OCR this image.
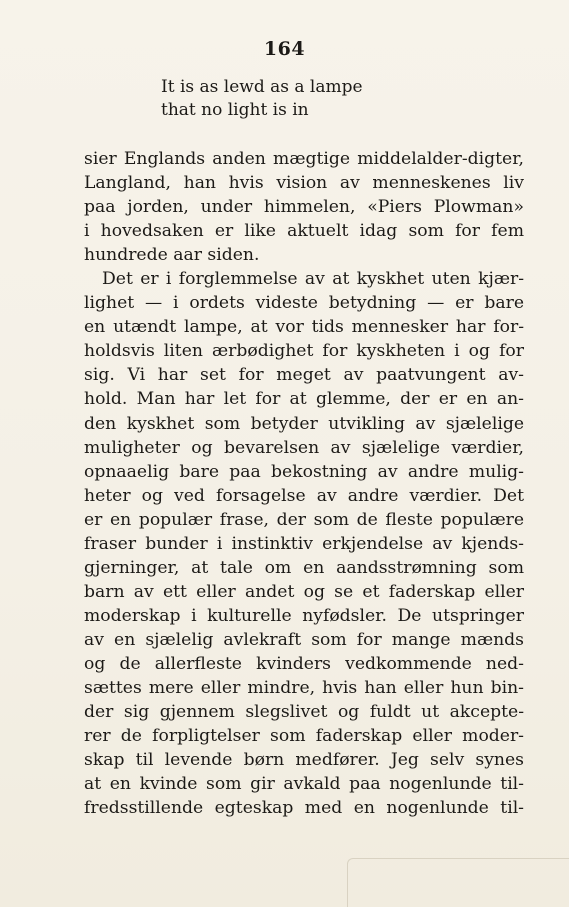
164
It is as lewd as a lampe
that no light is in
sier Englands anden mægtige middelalder-digter,
Langland, han hvis vision av menneskenes liv
paa jorden, under himmelen, «Piers Plowman»
i hovedsaken er like aktuelt idag som for fem
hundrede aar siden.
Det er i forglemmelse av at kyskhet uten kjær-
lighet — i ordets videste betydning — er bare
en utændt lampe, at vor tids mennesker har for-
holdsvis liten ærbødighet for kyskheten i og for
sig. Vi har set for meget av paatvungent av-
hold. Man har let for at glemme, der er en an-
den kyskhet som betyder utvikling av sjælelige
muligheter og bevarelsen av sjælelige værdier,
opnaaelig bare paa bekostning av andre mulig-
heter og ved forsagelse av andre værdier. Det
er en populær frase, der som de fleste populære
fraser bunder i instinktiv erkjendelse av kjends-
gjerninger, at tale om en aandsstrømning som
barn av ett eller andet og se et faderskap eller
moderskap i kulturelle nyfødsler. De utspringer
av en sjælelig avlekraft som for mange mænds
og de allerfleste kvinders vedkommende ned-
sættes mere eller mindre, hvis han eller hun bin-
der sig gjennem slegslivet og fuldt ut akcepte-
rer de forpligtelser som faderskap eller moder-
skap til levende børn medfører. Jeg selv synes
at en kvinde som gir avkald paa nogenlunde til-
fredsstillende egteskap med en nogenlunde til-
